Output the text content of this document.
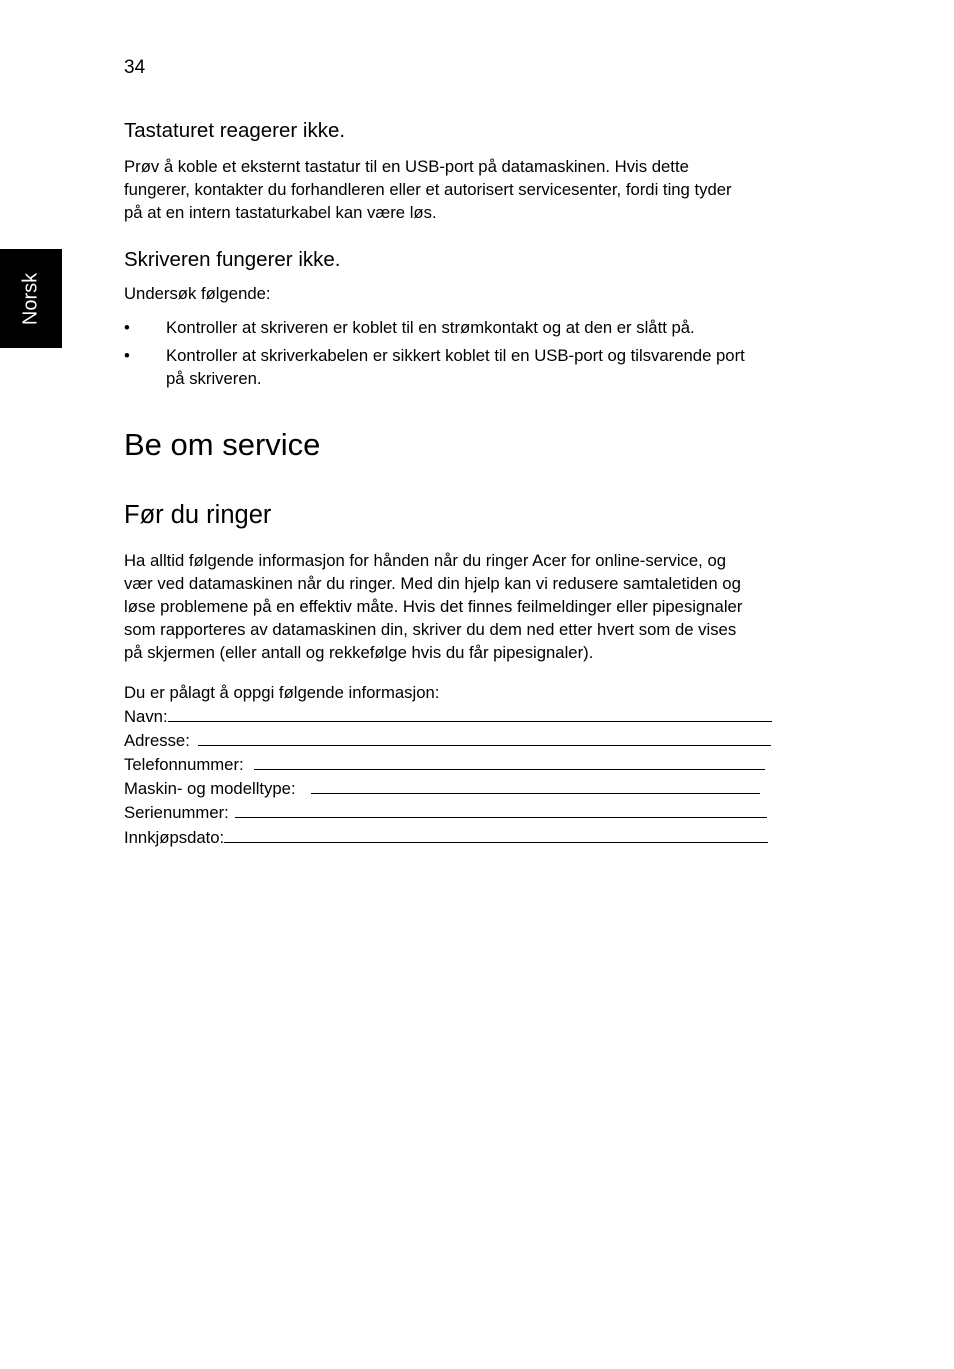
34
Norsk
Tastaturet reagerer ikke.
Prøv å koble et eksternt tastatur til en USB-port på datamaskinen. Hvis dette
fungerer, kontakter du forhandleren eller et autorisert servicesenter, fordi ting tyder
på at en intern tastaturkabel kan være løs.
Skriveren fungerer ikke.
Undersøk følgende:
• Kontroller at skriveren er koblet til en strømkontakt og at den er slått på.
• Kontroller at skriverkabelen er sikkert koblet til en USB-port og tilsvarende port
på skriveren.
Be om service
Før du ringer
Ha alltid følgende informasjon for hånden når du ringer Acer for online-service, og
vær ved datamaskinen når du ringer. Med din hjelp kan vi redusere samtaletiden og
løse problemene på en effektiv måte. Hvis det finnes feilmeldinger eller pipesignaler
som rapporteres av datamaskinen din, skriver du dem ned etter hvert som de vises
på skjermen (eller antall og rekkefølge hvis du får pipesignaler).
Du er pålagt å oppgi følgende informasjon:
Navn:
Adresse:
Telefonnummer:
Maskin- og modelltype:
Serienummer:
Innkjøpsdato:
